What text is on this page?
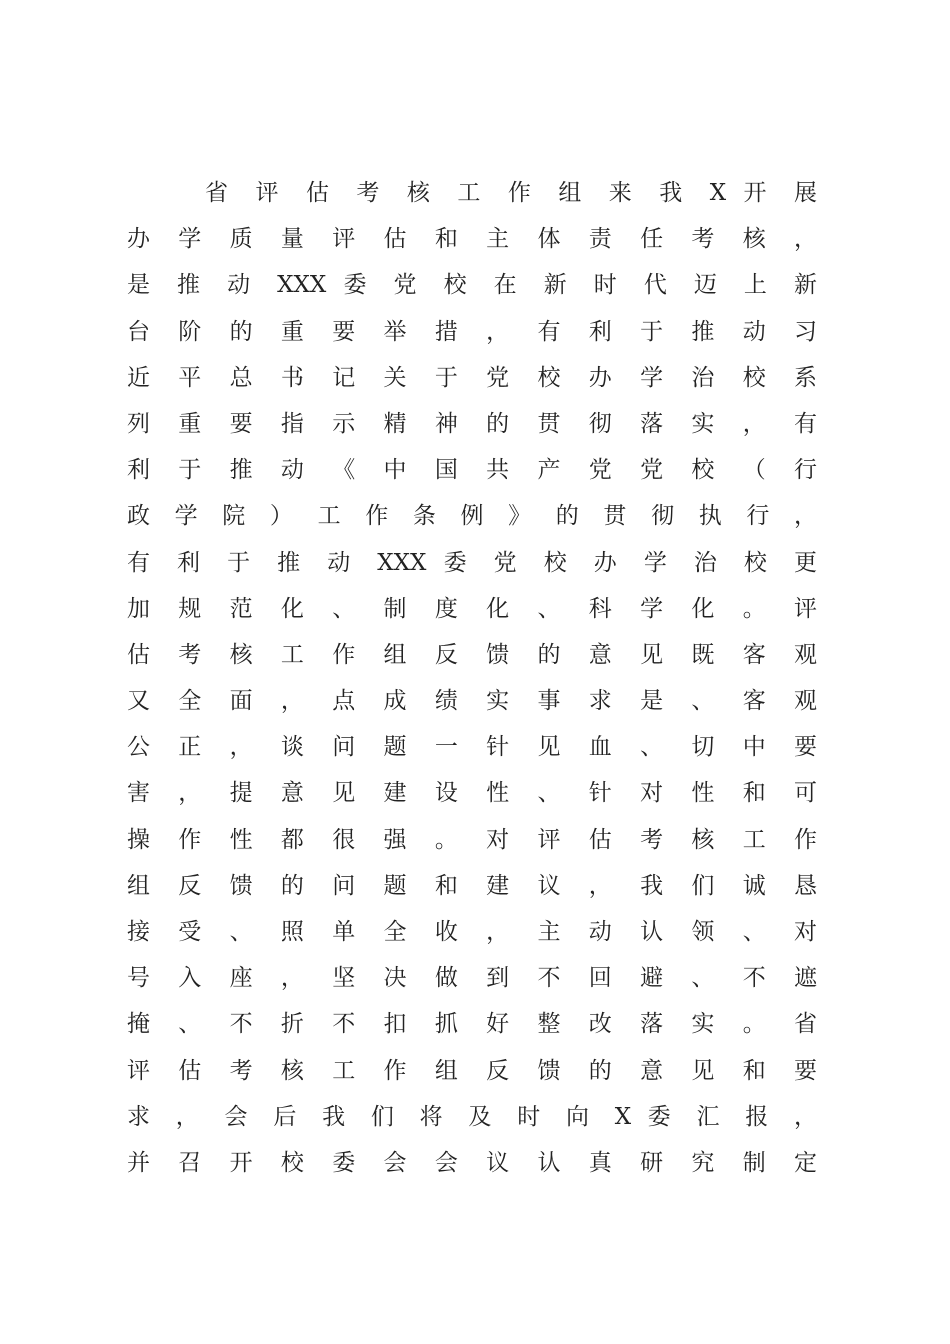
省 评 估 考 核 工 作 组 来 我 X 开 展
办 学 质 量 评 估 和 主 体 责 任 考 核 ，
是 推 动 XXX 委 党 校 在 新 时 代 迈 上 新
台 阶 的 重 要 举 措 ， 有 利 于 推 动 习
近 平 总 书 记 关 于 党 校 办 学 治 校 系
列 重 要 指 示 精 神 的 贯 彻 落 实 ， 有
利 于 推 动 《 中 国 共 产 党 党 校 （ 行
政 学 院 ） 工 作 条 例 》 的 贯 彻 执 行 ，
有 利 于 推 动 XXX 委 党 校 办 学 治 校 更
加 规 范 化 、 制 度 化 、 科 学 化 。 评
估 考 核 工 作 组 反 馈 的 意 见 既 客 观
又 全 面 ， 点 成 绩 实 事 求 是 、 客 观
公 正 ， 谈 问 题 一 针 见 血 、 切 中 要
害 ， 提 意 见 建 设 性 、 针 对 性 和 可
操 作 性 都 很 强 。 对 评 估 考 核 工 作
组 反 馈 的 问 题 和 建 议 ， 我 们 诚 恳
接 受 、 照 单 全 收 ， 主 动 认 领 、 对
号 入 座 ， 坚 决 做 到 不 回 避 、 不 遮
掩 、 不 折 不 扣 抓 好 整 改 落 实 。 省
评 估 考 核 工 作 组 反 馈 的 意 见 和 要
求 ， 会 后 我 们 将 及 时 向 X 委 汇 报 ，
并 召 开 校 委 会 会 议 认 真 研 究 制 定
